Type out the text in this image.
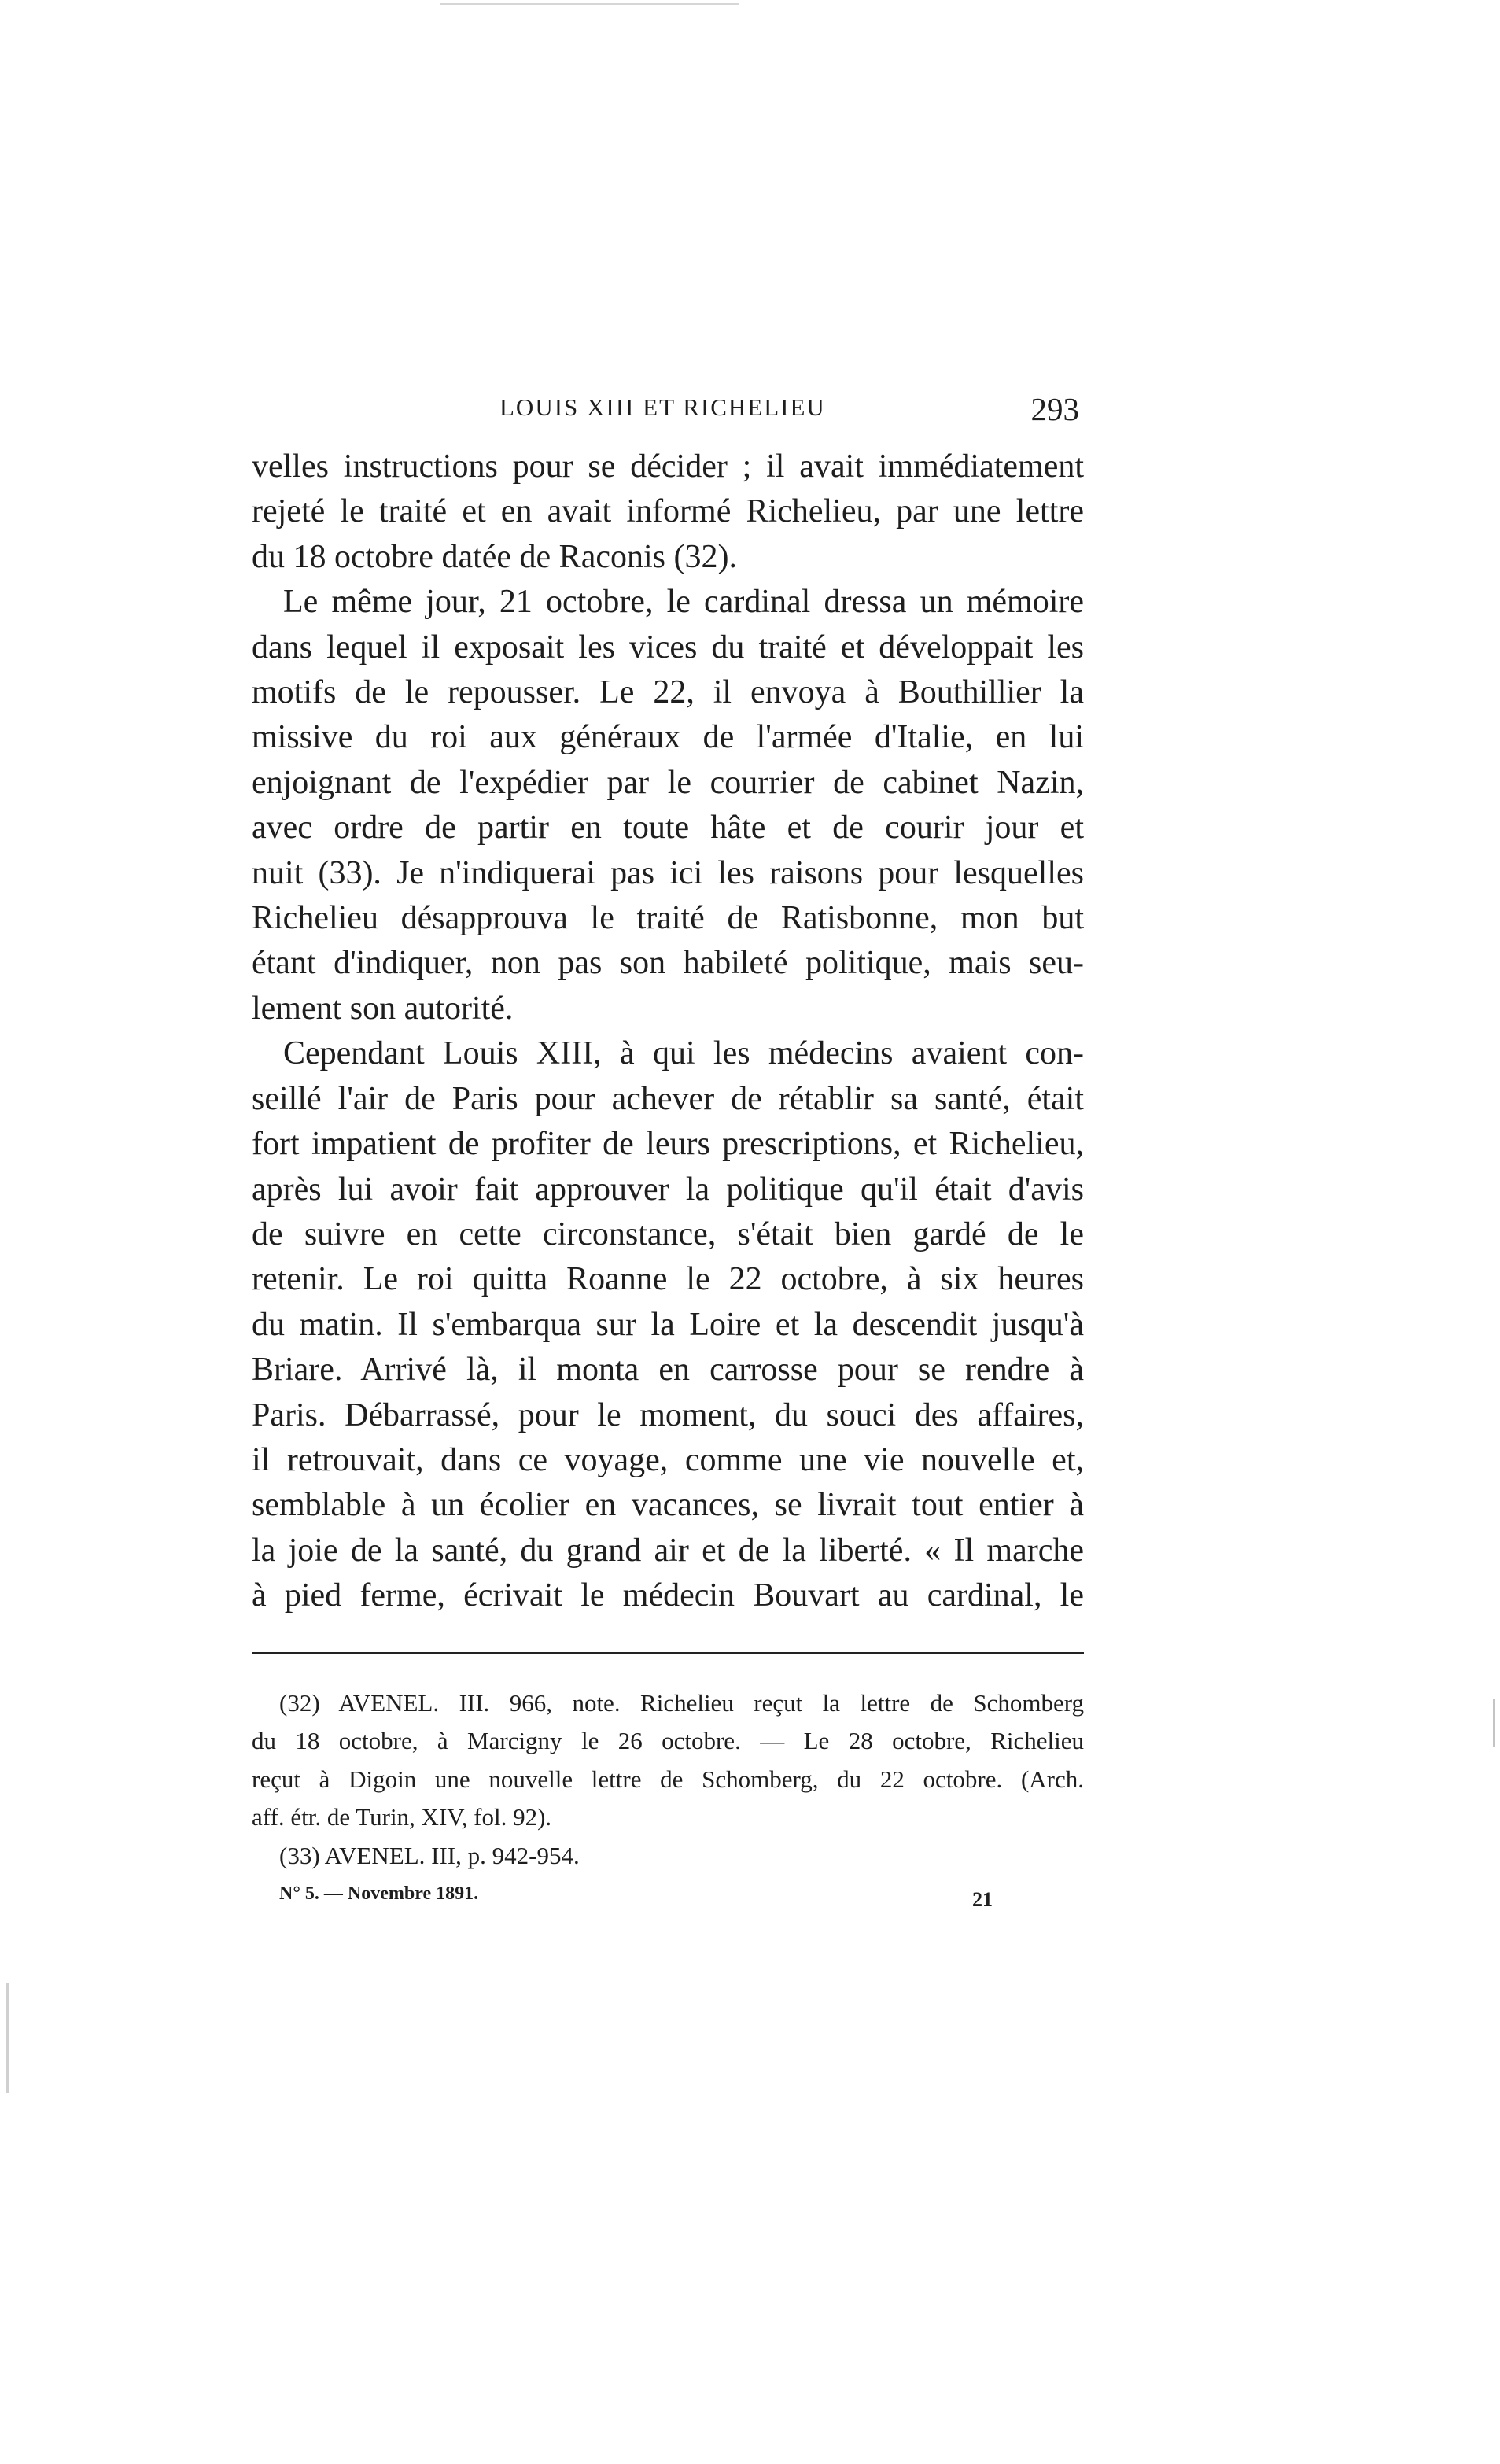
LOUIS XIII ET RICHELIEU	293
velles instructions pour se décider ; il avait immédiatement
rejeté le traité et en avait informé Richelieu, par une lettre
du 18 octobre datée de Raconis (32).
Le même jour, 21 octobre, le cardinal dressa un mémoire
dans lequel il exposait les vices du traité et développait les
motifs de le repousser. Le 22, il envoya à Bouthillier la
missive du roi aux généraux de l'armée d'Italie, en lui
enjoignant de l'expédier par le courrier de cabinet Nazin,
avec ordre de partir en toute hâte et de courir jour et
nuit (33). Je n'indiquerai pas ici les raisons pour lesquelles
Richelieu désapprouva le traité de Ratisbonne, mon but
étant d'indiquer, non pas son habileté politique, mais seu-
lement son autorité.
Cependant Louis XIII, à qui les médecins avaient con-
seillé l'air de Paris pour achever de rétablir sa santé, était
fort impatient de profiter de leurs prescriptions, et Richelieu,
après lui avoir fait approuver la politique qu'il était d'avis
de suivre en cette circonstance, s'était bien gardé de le
retenir. Le roi quitta Roanne le 22 octobre, à six heures
du matin. Il s'embarqua sur la Loire et la descendit jusqu'à
Briare. Arrivé là, il monta en carrosse pour se rendre à
Paris. Débarrassé, pour le moment, du souci des affaires,
il retrouvait, dans ce voyage, comme une vie nouvelle et,
semblable à un écolier en vacances, se livrait tout entier à
la joie de la santé, du grand air et de la liberté. « Il marche
à pied ferme, écrivait le médecin Bouvart au cardinal, le
(32) AVENEL. III. 966, note. Richelieu reçut la lettre de Schomberg
du 18 octobre, à Marcigny le 26 octobre. — Le 28 octobre, Richelieu
reçut à Digoin une nouvelle lettre de Schomberg, du 22 octobre. (Arch.
aff. étr. de Turin, XIV, fol. 92).
(33) AVENEL. III, p. 942-954.
N° 5. — Novembre 1891.	21
